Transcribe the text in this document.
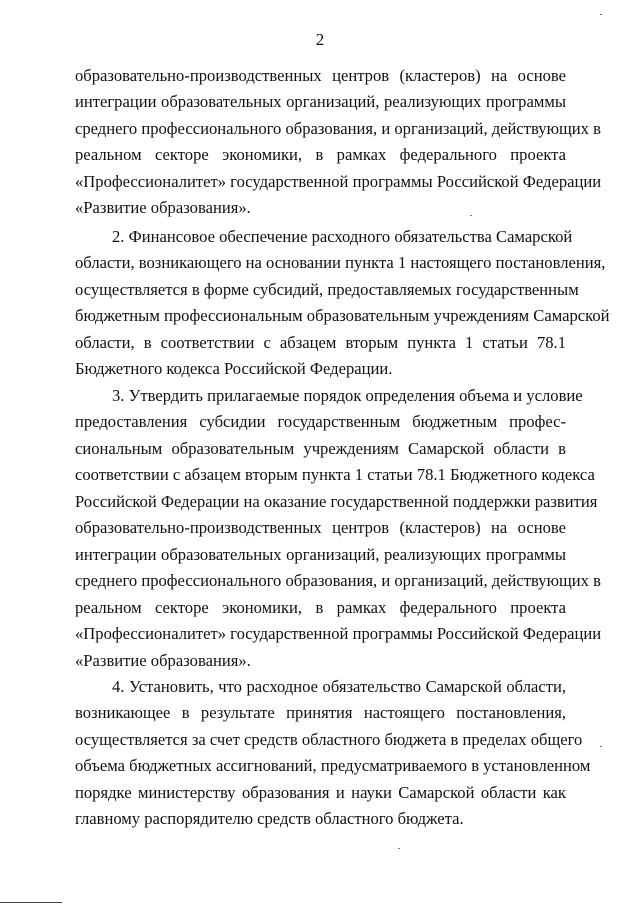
2
образовательно-производственных центров (кластеров) на основе
интеграции образовательных организаций, реализующих программы
среднего профессионального образования, и организаций, действующих в
реальном секторе экономики, в рамках федерального проекта
«Профессионалитет» государственной программы Российской Федерации
«Развитие образования».
2. Финансовое обеспечение расходного обязательства Самарской
области, возникающего на основании пункта 1 настоящего постановления,
осуществляется в форме субсидий, предоставляемых государственным
бюджетным профессиональным образовательным учреждениям Самарской
области, в соответствии с абзацем вторым пункта 1 статьи 78.1
Бюджетного кодекса Российской Федерации.
3. Утвердить прилагаемые порядок определения объема и условие
предоставления субсидии государственным бюджетным профес-
сиональным образовательным учреждениям Самарской области в
соответствии с абзацем вторым пункта 1 статьи 78.1 Бюджетного кодекса
Российской Федерации на оказание государственной поддержки развития
образовательно-производственных центров (кластеров) на основе
интеграции образовательных организаций, реализующих программы
среднего профессионального образования, и организаций, действующих в
реальном секторе экономики, в рамках федерального проекта
«Профессионалитет» государственной программы Российской Федерации
«Развитие образования».
4. Установить, что расходное обязательство Самарской области,
возникающее в результате принятия настоящего постановления,
осуществляется за счет средств областного бюджета в пределах общего
объема бюджетных ассигнований, предусматриваемого в установленном
порядке министерству образования и науки Самарской области как
главному распорядителю средств областного бюджета.
